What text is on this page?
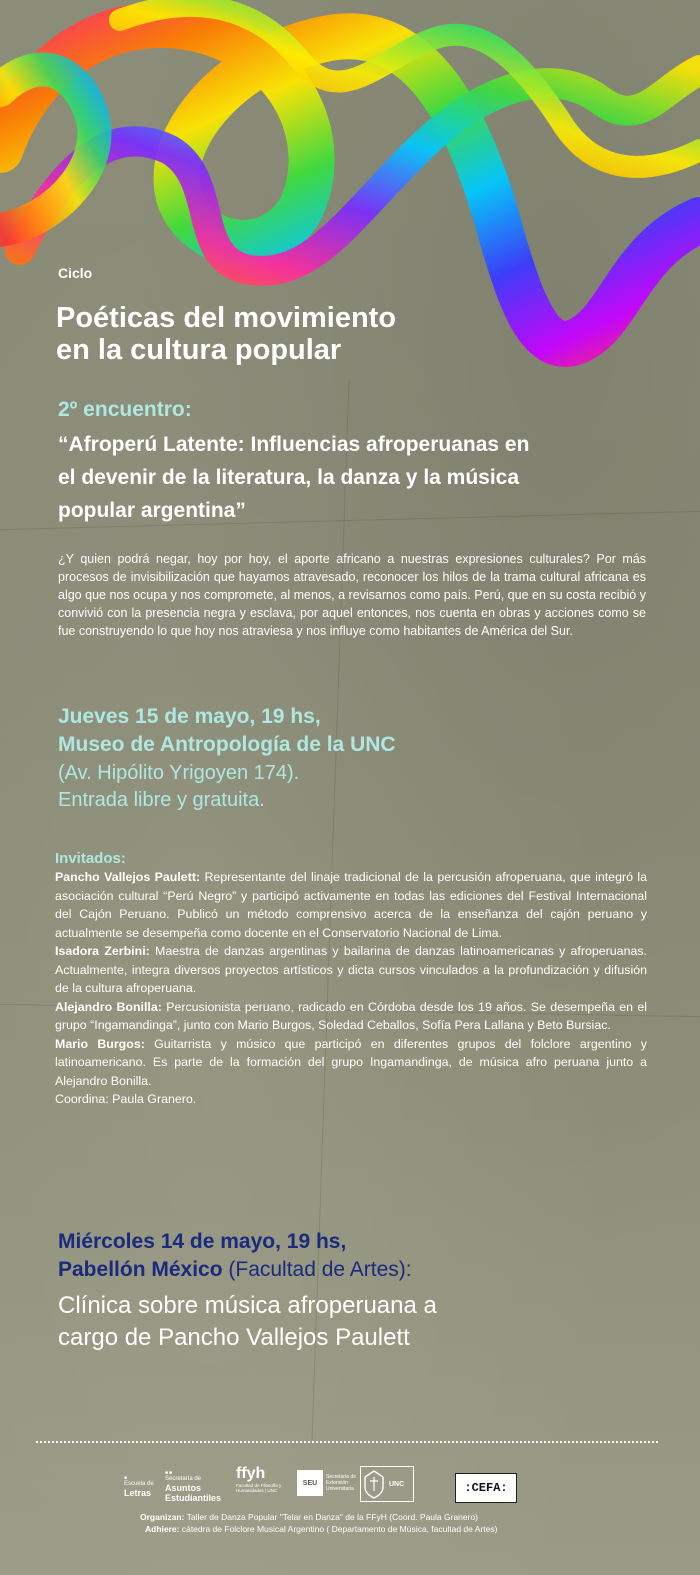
Ciclo
Poéticas del movimiento
en la cultura popular
2º encuentro:
“Afroperú Latente: Influencias afroperuanas en
el devenir de la literatura, la danza y la música
popular argentina”
¿Y quien podrá negar, hoy por hoy, el aporte africano a nuestras expresiones culturales? Por más procesos de invisibilización que hayamos atravesado, reconocer los hilos de la trama cultural africana es algo que nos ocupa y nos compromete, al menos, a revisarnos como país. Perú, que en su costa recibió y convivió con la presencia negra y esclava, por aquel entonces, nos cuenta en obras y acciones como se fue construyendo lo que hoy nos atraviesa y nos influye como habitantes de América del Sur.
Jueves 15 de mayo, 19 hs,
Museo de Antropología de la UNC
(Av. Hipólito Yrigoyen 174).
Entrada libre y gratuita.
Invitados:

Pancho Vallejos Paulett: Representante del linaje tradicional de la percusión afroperuana, que integró la asociación cultural “Perú Negro” y participó activamente en todas las ediciones del Festival Internacional del Cajón Peruano. Publicó un método comprensivo acerca de la enseñanza del cajón peruano y actualmente se desempeña como docente en el Conservatorio Nacional de Lima.

Isadora Zerbini: Maestra de danzas argentinas y bailarina de danzas latinoamericanas y afroperuanas. Actualmente, integra diversos proyectos artísticos y dicta cursos vinculados a la profundización y difusión de la cultura afroperuana.

Alejandro Bonilla: Percusionista peruano, radicado en Córdoba desde los 19 años. Se desempeña en el grupo “Ingamandinga”, junto con Mario Burgos, Soledad Ceballos, Sofía Pera Lallana y Beto Bursiac.

Mario Burgos: Guitarrista y músico que participó en diferentes grupos del folclore argentino y latinoamericano. Es parte de la formación del grupo Ingamandinga, de música afro peruana junto a Alejandro Bonilla.

Coordina: Paula Granero.

Miércoles 14 de mayo, 19 hs,
Pabellón México (Facultad de Artes):
Clínica sobre música afroperuana a
cargo de Pancho Vallejos Paulett
■
Escuela de
Letras
■■
Secretaría de
Asuntos
Estudiantiles
ffyh
Facultad de Filosofía y Humanidades | UNC
SEU
Secretaría de Extensión Universitaria
UNC	:CEFA:
Organizan: Taller de Danza Popular "Telar en Danza" de la FFyH (Coord. Paula Granero)
Adhiere: cátedra de Folclore Musical Argentino ( Departamento de Música, facultad de Artes)
